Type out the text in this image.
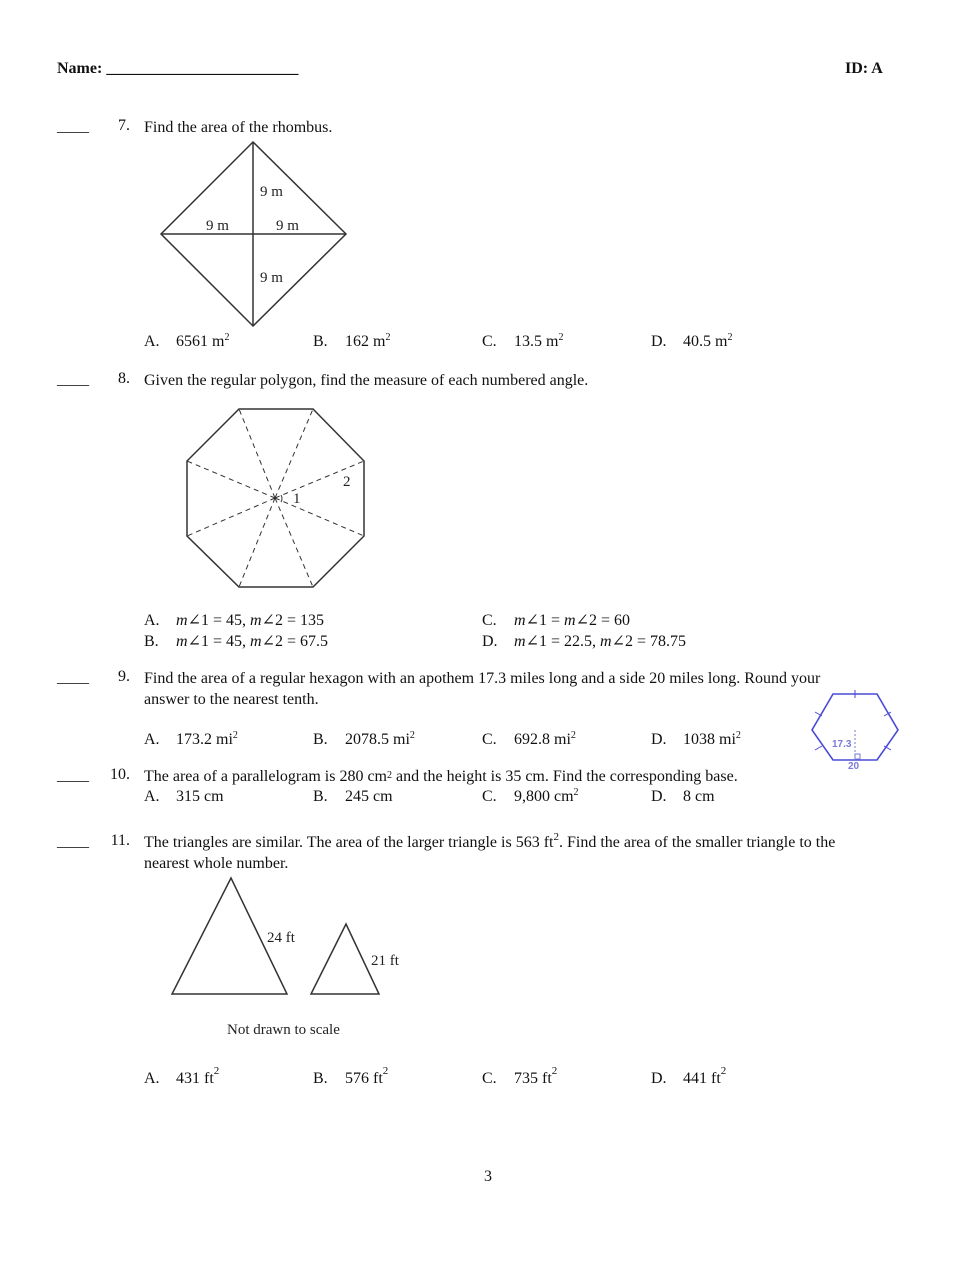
Name: ________________________	ID: A
____	7. Find the area of the rhombus.
9 m
9 m	9 m
9 m
A. 6561 $m^2$	B. 162 $m^2$	C. 13.5 $m^2$	D. 40.5 $m^2$
____	8. Given the regular polygon, find the measure of each numbered angle.
1
2
A. m∠1 = 45, m∠2 = 135
B. m∠1 = 45, m∠2 = 67.5
C. m∠1 = m∠2 = 60
D. m∠1 = 22.5, m∠2 = 78.75
____	9. Find the area of a regular hexagon with an apothem 17.3 miles long and a side 20 miles long. Round your
answer to the nearest tenth.
A. 173.2 $mi^2$	B. 2078.5 $mi^2$	C. 692.8 $mi^2$	D. 1038 $mi^2$
17.3
20
____	10. The area of a parallelogram is 280 $cm^2$ and the height is 35 cm. Find the corresponding base.
A. 315 cm	B. 245 cm	C. 9,800 $cm^2$	D. 8 cm
____	11. The triangles are similar. The area of the larger triangle is 563 $ft^2$. Find the area of the smaller triangle to the
nearest whole number.
24 ft
21 ft
Not drawn to scale
A. 431 $ft^2$	B. 576 $ft^2$	C. 735 $ft^2$	D. 441 $ft^2$
3
